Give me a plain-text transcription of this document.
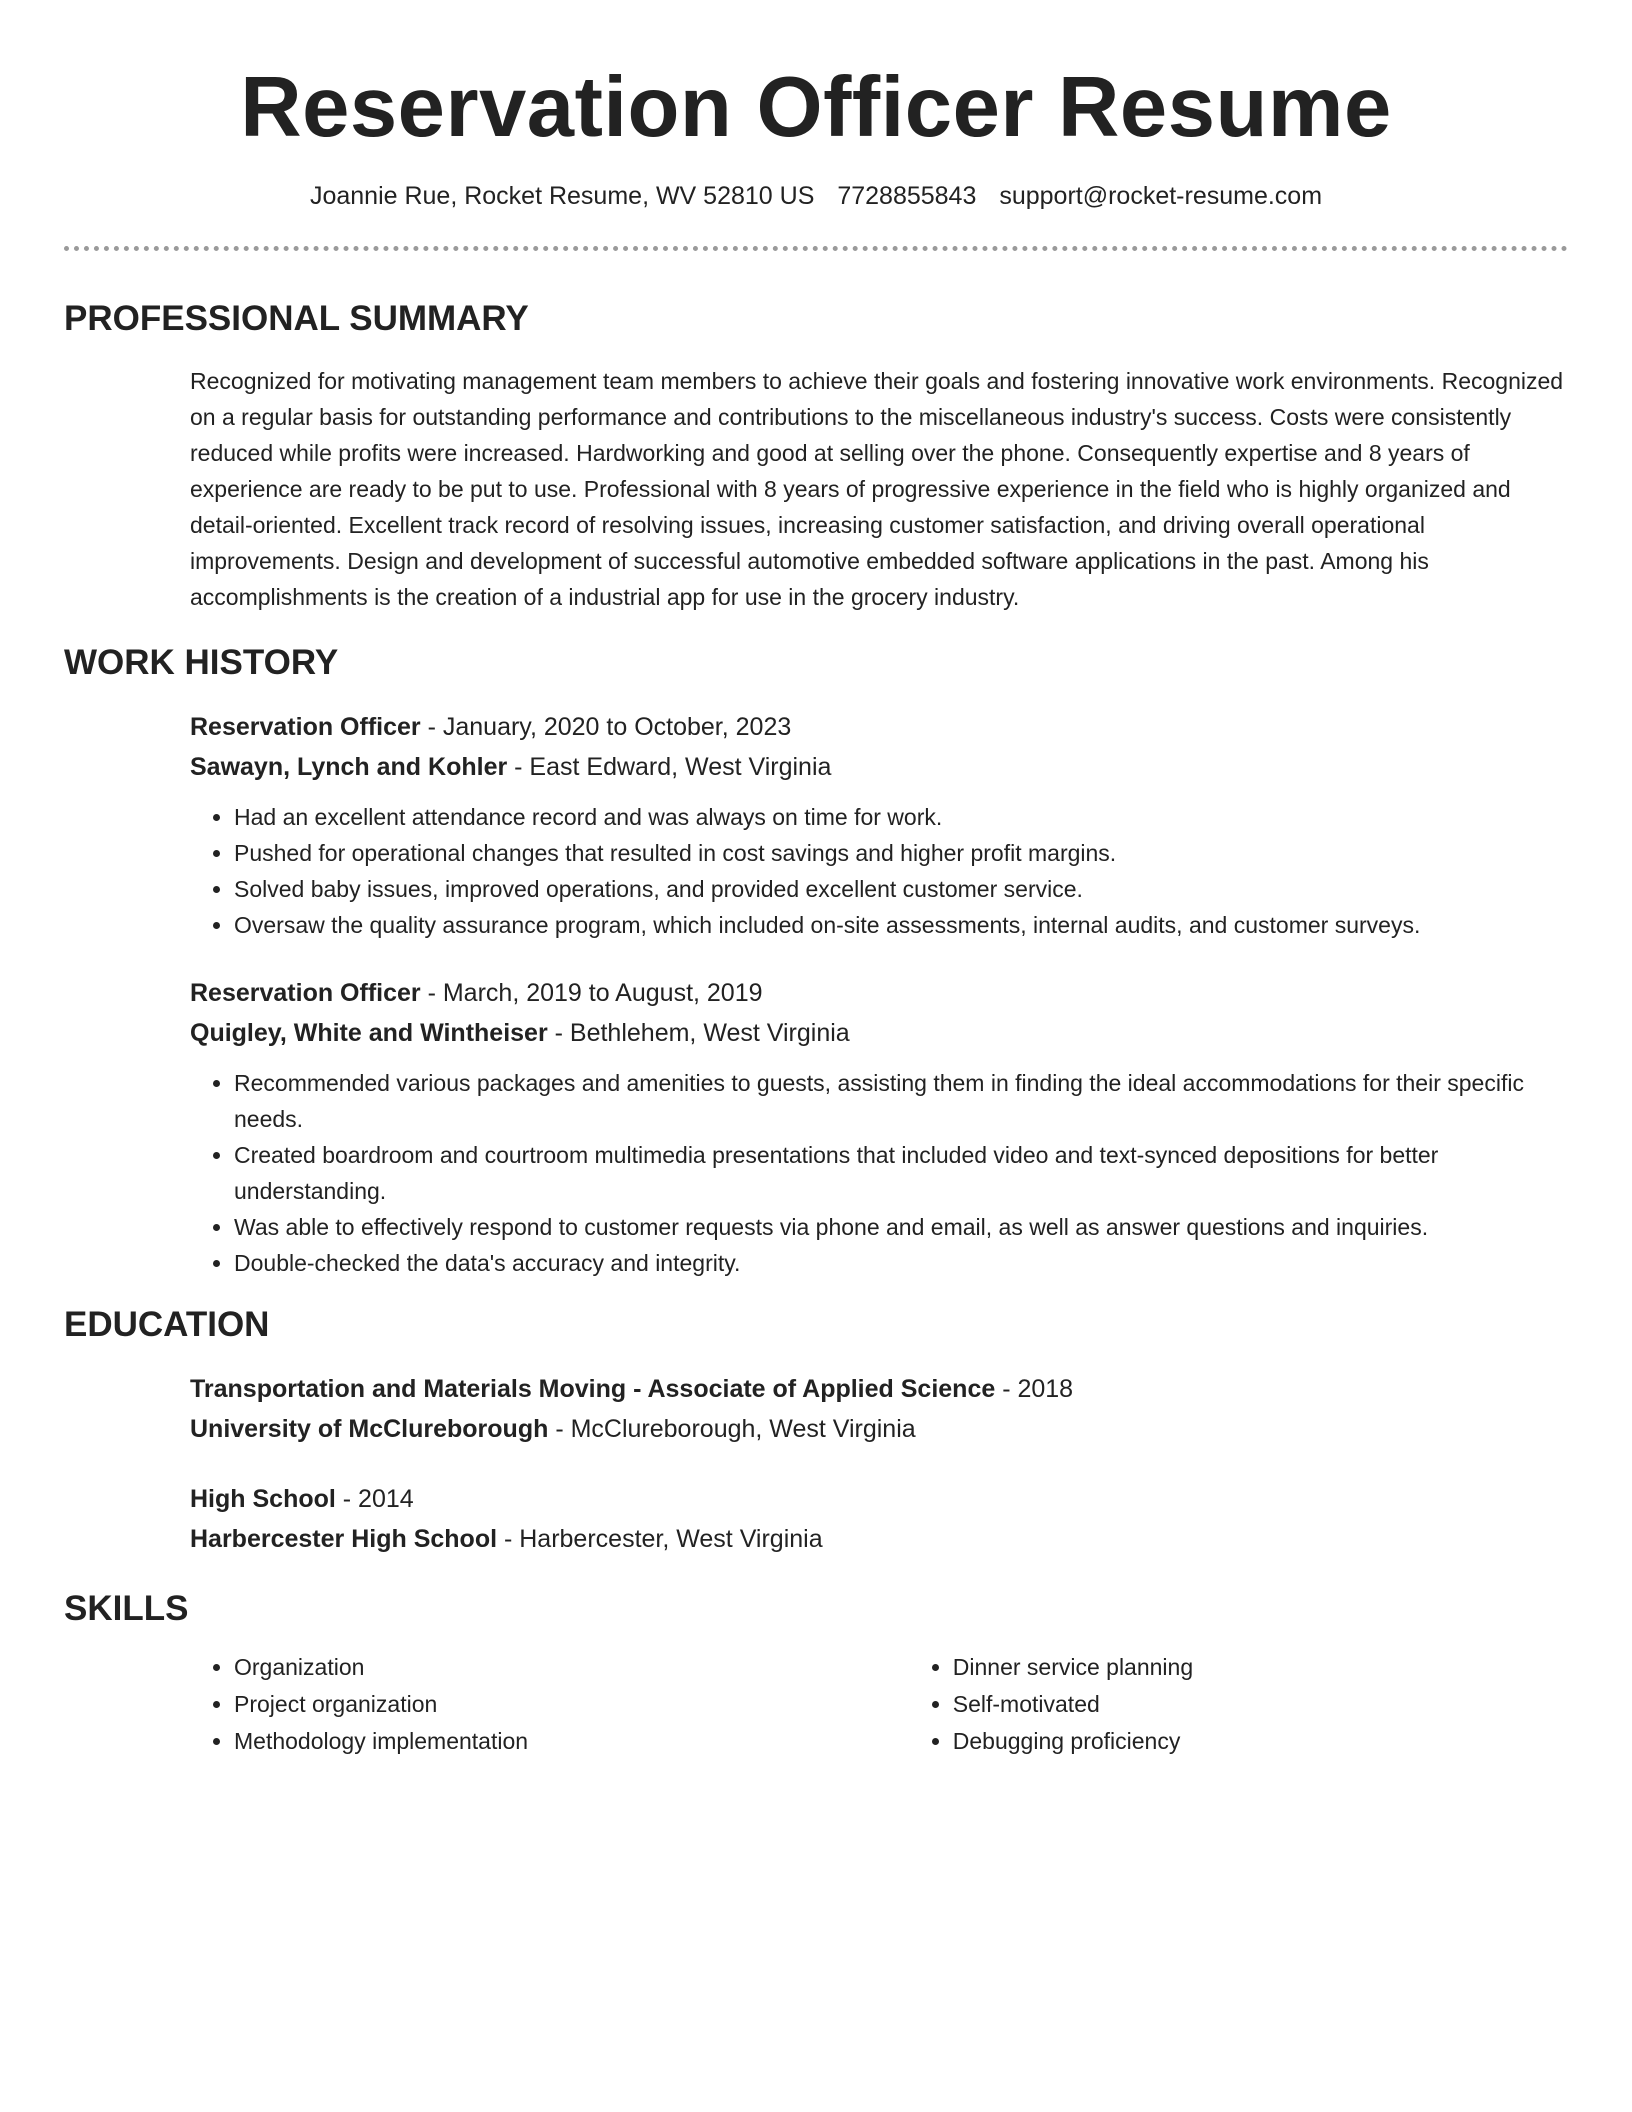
Reservation Officer Resume
Joannie Rue, Rocket Resume, WV 52810 US 7728855843 support@rocket-resume.com
PROFESSIONAL SUMMARY
Recognized for motivating management team members to achieve their goals and fostering innovative work environments. Recognized on a regular basis for outstanding performance and contributions to the miscellaneous industry's success. Costs were consistently reduced while profits were increased. Hardworking and good at selling over the phone. Consequently expertise and 8 years of experience are ready to be put to use. Professional with 8 years of progressive experience in the field who is highly organized and detail-oriented. Excellent track record of resolving issues, increasing customer satisfaction, and driving overall operational improvements. Design and development of successful automotive embedded software applications in the past. Among his accomplishments is the creation of a industrial app for use in the grocery industry.
WORK HISTORY
Reservation Officer - January, 2020 to October, 2023
Sawayn, Lynch and Kohler - East Edward, West Virginia
• Had an excellent attendance record and was always on time for work.
• Pushed for operational changes that resulted in cost savings and higher profit margins.
• Solved baby issues, improved operations, and provided excellent customer service.
• Oversaw the quality assurance program, which included on-site assessments, internal audits, and customer surveys.
Reservation Officer - March, 2019 to August, 2019
Quigley, White and Wintheiser - Bethlehem, West Virginia
• Recommended various packages and amenities to guests, assisting them in finding the ideal accommodations for their specific needs.
• Created boardroom and courtroom multimedia presentations that included video and text-synced depositions for better understanding.
• Was able to effectively respond to customer requests via phone and email, as well as answer questions and inquiries.
• Double-checked the data's accuracy and integrity.
EDUCATION
Transportation and Materials Moving - Associate of Applied Science - 2018
University of McClureborough - McClureborough, West Virginia
High School - 2014
Harbercester High School - Harbercester, West Virginia
SKILLS
• Organization
• Project organization
• Methodology implementation
• Dinner service planning
• Self-motivated
• Debugging proficiency
